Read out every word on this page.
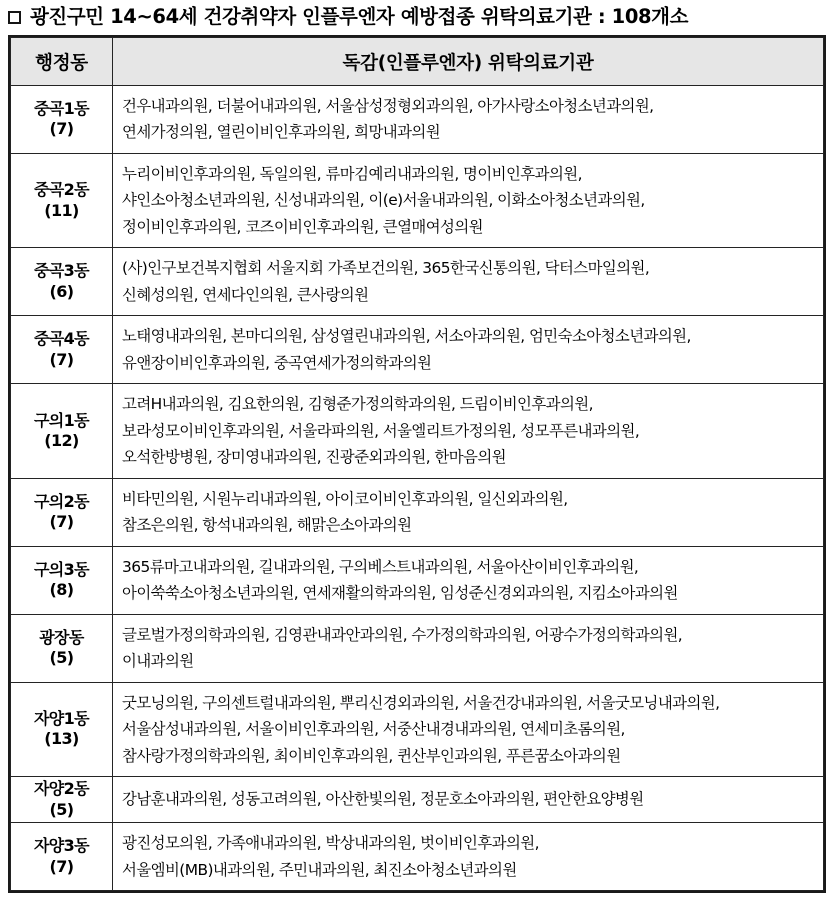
광진구민 14~64세 건강취약자 인플루엔자 예방접종 위탁의료기관 : 108개소
행정동	독감(인플루엔자) 위탁의료기관
중곡1동
(7)	건우내과의원, 더불어내과의원, 서울삼성정형외과의원, 아가사랑소아청소년과의원,
연세가정의원, 열린이비인후과의원, 희망내과의원

중곡2동
(11)	누리이비인후과의원, 독일의원, 류마김예리내과의원, 명이비인후과의원,
샤인소아청소년과의원, 신성내과의원, 이(e)서울내과의원, 이화소아청소년과의원,
정이비인후과의원, 코즈이비인후과의원, 큰열매여성의원

중곡3동
(6)	(사)인구보건복지협회 서울지회 가족보건의원, 365한국신통의원, 닥터스마일의원,
신혜성의원, 연세다인의원, 큰사랑의원

중곡4동
(7)	노태영내과의원, 본마디의원, 삼성열린내과의원, 서소아과의원, 엄민숙소아청소년과의원,
유앤장이비인후과의원, 중곡연세가정의학과의원

구의1동
(12)	고려H내과의원, 김요한의원, 김형준가정의학과의원, 드림이비인후과의원,
보라성모이비인후과의원, 서울라파의원, 서울엘리트가정의원, 성모푸른내과의원,
오석한방병원, 장미영내과의원, 진광준외과의원, 한마음의원

구의2동
(7)	비타민의원, 시원누리내과의원, 아이코이비인후과의원, 일신외과의원,
참조은의원, 항석내과의원, 해맑은소아과의원

구의3동
(8)	365류마고내과의원, 길내과의원, 구의베스트내과의원, 서울아산이비인후과의원,
아이쑥쑥소아청소년과의원, 연세재활의학과의원, 임성준신경외과의원, 지킴소아과의원

광장동
(5)	글로벌가정의학과의원, 김영관내과안과의원, 수가정의학과의원, 어광수가정의학과의원,
이내과의원

자양1동
(13)	굿모닝의원, 구의센트럴내과의원, 뿌리신경외과의원, 서울건강내과의원, 서울굿모닝내과의원,
서울삼성내과의원, 서울이비인후과의원, 서중산내경내과의원, 연세미초롬의원,
참사랑가정의학과의원, 최이비인후과의원, 퀸산부인과의원, 푸른꿈소아과의원

자양2동
(5)	강남훈내과의원, 성동고려의원, 아산한빛의원, 정문호소아과의원, 편안한요양병원

자양3동
(7)	광진성모의원, 가족애내과의원, 박상내과의원, 벗이비인후과의원,
서울엠비(MB)내과의원, 주민내과의원, 최진소아청소년과의원
